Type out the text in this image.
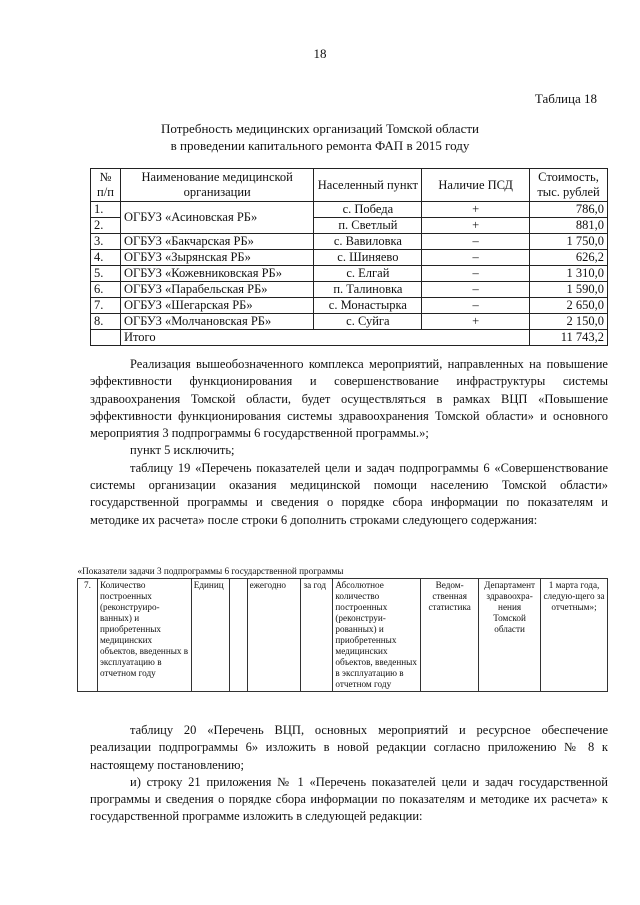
18
Таблица 18
Потребность медицинских организаций Томской области
в проведении капитального ремонта ФАП в 2015 году
№ п/п	Наименование медицинской организации	Населенный пункт	Наличие ПСД	Стоимость, тыс. рублей
1.	ОГБУЗ «Асиновская РБ»	с. Победа	+	786,0
2.		п. Светлый	+	881,0
3.	ОГБУЗ «Бакчарская РБ»	с. Вавиловка	–	1 750,0
4.	ОГБУЗ «Зырянская РБ»	с. Шиняево	–	626,2
5.	ОГБУЗ «Кожевниковская РБ»	с. Елгай	–	1 310,0
6.	ОГБУЗ «Парабельская РБ»	п. Талиновка	–	1 590,0
7.	ОГБУЗ «Шегарская РБ»	с. Монастырка	–	2 650,0
8.	ОГБУЗ «Молчановская РБ»	с. Суйга	+	2 150,0
	Итого			11 743,2

Реализация вышеобозначенного комплекса мероприятий, направленных на повышение эффективности функционирования и совершенствование инфраструктуры системы здравоохранения Томской области, будет осуществляться в рамках ВЦП «Повышение эффективности функционирования системы здравоохранения Томской области» и основного мероприятия 3 подпрограммы 6 государственной программы.»;

пункт 5 исключить;

таблицу 19 «Перечень показателей цели и задач подпрограммы 6 «Совершенствование системы организации оказания медицинской помощи населению Томской области» государственной программы и сведения о порядке сбора информации по показателям и методике их расчета» после строки 6 дополнить строками следующего содержания:

«Показатели задачи 3 подпрограммы 6 государственной программы
7.	Количество построенных (реконструиро-ванных) и приобретенных медицинских объектов, введенных в эксплуатацию в отчетном году	Единиц		ежегодно	за год	Абсолютное количество построенных (реконструи-рованных) и приобретенных медицинских объектов, введенных в эксплуатацию в отчетном году	Ведом-ственная статистика	Департамент здравоохра-нения Томской области	1 марта года, следую-щего за отчетным»;

таблицу 20 «Перечень ВЦП, основных мероприятий и ресурсное обеспечение реализации подпрограммы 6» изложить в новой редакции согласно приложению № 8 к настоящему постановлению;

и) строку 21 приложения № 1 «Перечень показателей цели и задач государственной программы и сведения о порядке сбора информации по показателям и методике их расчета» к государственной программе изложить в следующей редакции:
